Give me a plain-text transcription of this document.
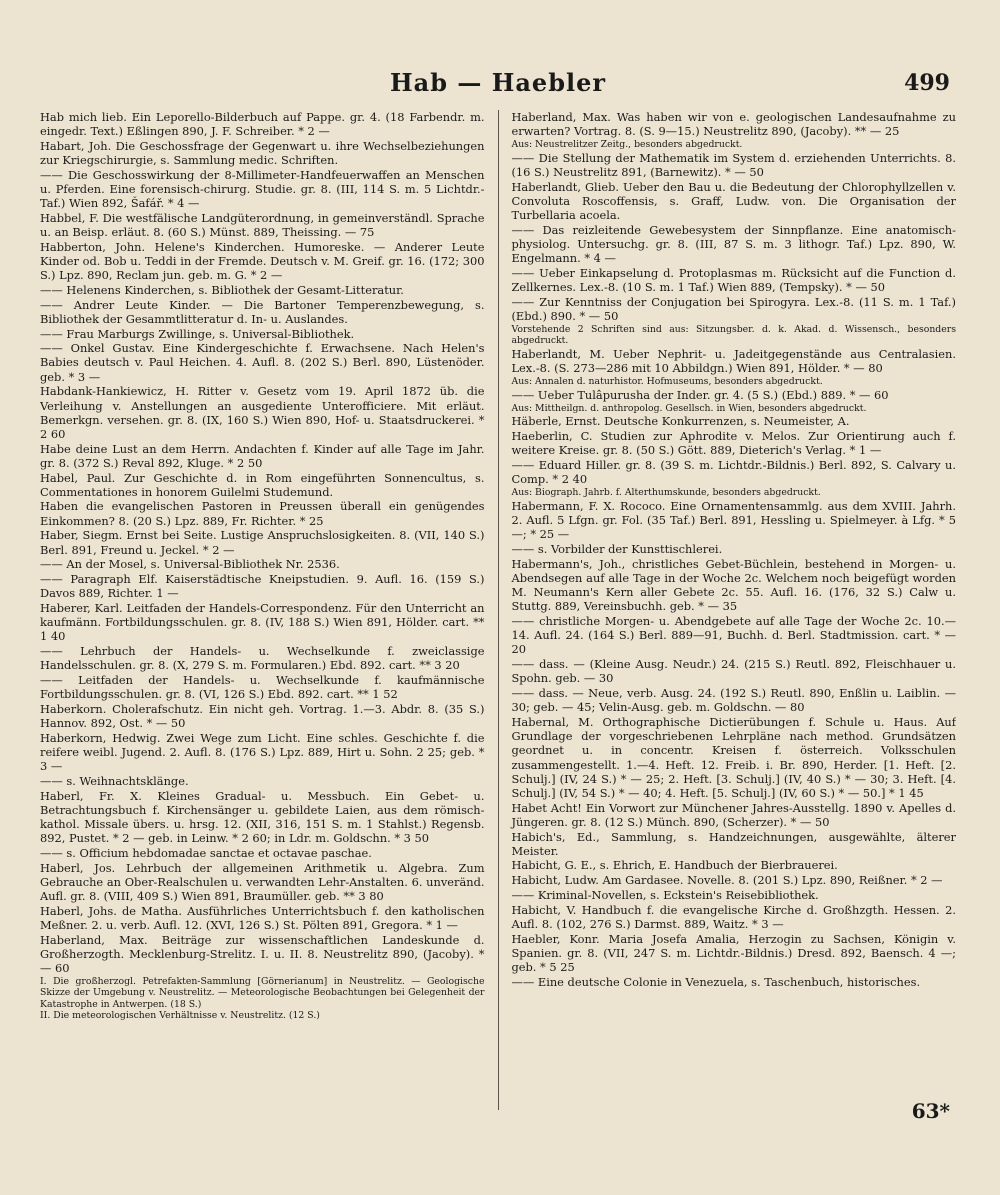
Hab — Haebler	499

Hab mich lieb. Ein Leporello-Bilderbuch auf Pappe. gr. 4. (18 Farbendr. m. eingedr. Text.) Eßlingen 890, J. F. Schreiber. * 2 —

Habart, Joh. Die Geschossfrage der Gegenwart u. ihre Wechselbeziehungen zur Kriegschirurgie, s. Sammlung medic. Schriften.

—— Die Geschosswirkung der 8-Millimeter-Handfeuerwaffen an Menschen u. Pferden. Eine forensisch-chirurg. Studie. gr. 8. (III, 114 S. m. 5 Lichtdr.-Taf.) Wien 892, Šafář. * 4 —

Habbel, F. Die westfälische Landgüterordnung, in gemeinverständl. Sprache u. an Beisp. erläut. 8. (60 S.) Münst. 889, Theissing. — 75

Habberton, John. Helene's Kinderchen. Humoreske. — Anderer Leute Kinder od. Bob u. Teddi in der Fremde. Deutsch v. M. Greif. gr. 16. (172; 300 S.) Lpz. 890, Reclam jun. geb. m. G. * 2 —

—— Helenens Kinderchen, s. Bibliothek der Gesamt-Litteratur.

—— Andrer Leute Kinder. — Die Bartoner Temperenzbewegung, s. Bibliothek der Gesammtlitteratur d. In- u. Auslandes.

—— Frau Marburgs Zwillinge, s. Universal-Bibliothek.

—— Onkel Gustav. Eine Kindergeschichte f. Erwachsene. Nach Helen's Babies deutsch v. Paul Heichen. 4. Aufl. 8. (202 S.) Berl. 890, Lüstenöder. geb. * 3 —

Habdank-Hankiewicz, H. Ritter v. Gesetz vom 19. April 1872 üb. die Verleihung v. Anstellungen an ausgediente Unterofficiere. Mit erläut. Bemerkgn. versehen. gr. 8. (IX, 160 S.) Wien 890, Hof- u. Staatsdruckerei. * 2 60

Habe deine Lust an dem Herrn. Andachten f. Kinder auf alle Tage im Jahr. gr. 8. (372 S.) Reval 892, Kluge. * 2 50

Habel, Paul. Zur Geschichte d. in Rom eingeführten Sonnencultus, s. Commentationes in honorem Guilelmi Studemund.

Haben die evangelischen Pastoren in Preussen überall ein genügendes Einkommen? 8. (20 S.) Lpz. 889, Fr. Richter. * 25

Haber, Siegm. Ernst bei Seite. Lustige Anspruchslosigkeiten. 8. (VII, 140 S.) Berl. 891, Freund u. Jeckel. * 2 —

—— An der Mosel, s. Universal-Bibliothek Nr. 2536.

—— Paragraph Elf. Kaiserstädtische Kneipstudien. 9. Aufl. 16. (159 S.) Davos 889, Richter. 1 —

Haberer, Karl. Leitfaden der Handels-Correspondenz. Für den Unterricht an kaufmänn. Fortbildungsschulen. gr. 8. (IV, 188 S.) Wien 891, Hölder. cart. ** 1 40

—— Lehrbuch der Handels- u. Wechselkunde f. zweiclassige Handelsschulen. gr. 8. (X, 279 S. m. Formularen.) Ebd. 892. cart. ** 3 20

—— Leitfaden der Handels- u. Wechselkunde f. kaufmännische Fortbildungsschulen. gr. 8. (VI, 126 S.) Ebd. 892. cart. ** 1 52

Haberkorn. Cholerafschutz. Ein nicht geh. Vortrag. 1.—3. Abdr. 8. (35 S.) Hannov. 892, Ost. * — 50

Haberkorn, Hedwig. Zwei Wege zum Licht. Eine schles. Geschichte f. die reifere weibl. Jugend. 2. Aufl. 8. (176 S.) Lpz. 889, Hirt u. Sohn. 2 25; geb. * 3 —

—— s. Weihnachtsklänge.

Haberl, Fr. X. Kleines Gradual- u. Messbuch. Ein Gebet- u. Betrachtungsbuch f. Kirchensänger u. gebildete Laien, aus dem römisch-kathol. Missale übers. u. hrsg. 12. (XII, 316, 151 S. m. 1 Stahlst.) Regensb. 892, Pustet. * 2 — geb. in Leinw. * 2 60; in Ldr. m. Goldschn. * 3 50

—— s. Officium hebdomadae sanctae et octavae paschae.

Haberl, Jos. Lehrbuch der allgemeinen Arithmetik u. Algebra. Zum Gebrauche an Ober-Realschulen u. verwandten Lehr-Anstalten. 6. unveränd. Aufl. gr. 8. (VIII, 409 S.) Wien 891, Braumüller. geb. ** 3 80

Haberl, Johs. de Matha. Ausführliches Unterrichtsbuch f. den katholischen Meßner. 2. u. verb. Aufl. 12. (XVI, 126 S.) St. Pölten 891, Gregora. * 1 —

Haberland, Max. Beiträge zur wissenschaftlichen Landeskunde d. Großherzogth. Mecklenburg-Strelitz. I. u. II. 8. Neustrelitz 890, (Jacoby). * — 60

I. Die großherzogl. Petrefakten-Sammlung [Görnerianum] in Neustrelitz. — Geologische Skizze der Umgebung v. Neustrelitz. — Meteorologische Beobachtungen bei Gelegenheit der Katastrophe in Antwerpen. (18 S.)

II. Die meteorologischen Verhältnisse v. Neustrelitz. (12 S.)

Haberland, Max. Was haben wir von e. geologischen Landesaufnahme zu erwarten? Vortrag. 8. (S. 9—15.) Neustrelitz 890, (Jacoby). ** — 25

Aus: Neustrelitzer Zeitg., besonders abgedruckt.

—— Die Stellung der Mathematik im System d. erziehenden Unterrichts. 8. (16 S.) Neustrelitz 891, (Barnewitz). * — 50

Haberlandt, Glieb. Ueber den Bau u. die Bedeutung der Chlorophyllzellen v. Convoluta Roscoffensis, s. Graff, Ludw. von. Die Organisation der Turbellaria acoela.

—— Das reizleitende Gewebesystem der Sinnpflanze. Eine anatomisch-physiolog. Untersuchg. gr. 8. (III, 87 S. m. 3 lithogr. Taf.) Lpz. 890, W. Engelmann. * 4 —

—— Ueber Einkapselung d. Protoplasmas m. Rücksicht auf die Function d. Zellkernes. Lex.-8. (10 S. m. 1 Taf.) Wien 889, (Tempsky). * — 50

—— Zur Kenntniss der Conjugation bei Spirogyra. Lex.-8. (11 S. m. 1 Taf.) (Ebd.) 890. * — 50

Vorstehende 2 Schriften sind aus: Sitzungsber. d. k. Akad. d. Wissensch., besonders abgedruckt.

Haberlandt, M. Ueber Nephrit- u. Jadeitgegenstände aus Centralasien. Lex.-8. (S. 273—286 mit 10 Abbildgn.) Wien 891, Hölder. * — 80

Aus: Annalen d. naturhistor. Hofmuseums, besonders abgedruckt.

—— Ueber Tulâpurusha der Inder. gr. 4. (5 S.) (Ebd.) 889. * — 60

Aus: Mittheilgn. d. anthropolog. Gesellsch. in Wien, besonders abgedruckt.

Häberle, Ernst. Deutsche Konkurrenzen, s. Neumeister, A.

Haeberlin, C. Studien zur Aphrodite v. Melos. Zur Orientirung auch f. weitere Kreise. gr. 8. (50 S.) Gött. 889, Dieterich's Verlag. * 1 —

—— Eduard Hiller. gr. 8. (39 S. m. Lichtdr.-Bildnis.) Berl. 892, S. Calvary u. Comp. * 2 40

Aus: Biograph. Jahrb. f. Alterthumskunde, besonders abgedruckt.

Habermann, F. X. Rococo. Eine Ornamentensammlg. aus dem XVIII. Jahrh. 2. Aufl. 5 Lfgn. gr. Fol. (35 Taf.) Berl. 891, Hessling u. Spielmeyer. à Lfg. * 5 —; * 25 —

—— s. Vorbilder der Kunsttischlerei.

Habermann's, Joh., christliches Gebet-Büchlein, bestehend in Morgen- u. Abendsegen auf alle Tage in der Woche 2c. Welchem noch beigefügt worden M. Neumann's Kern aller Gebete 2c. 55. Aufl. 16. (176, 32 S.) Calw u. Stuttg. 889, Vereinsbuchh. geb. * — 35

—— christliche Morgen- u. Abendgebete auf alle Tage der Woche 2c. 10.—14. Aufl. 24. (164 S.) Berl. 889—91, Buchh. d. Berl. Stadtmission. cart. * — 20

—— dass. — (Kleine Ausg. Neudr.) 24. (215 S.) Reutl. 892, Fleischhauer u. Spohn. geb. — 30

—— dass. — Neue, verb. Ausg. 24. (192 S.) Reutl. 890, Enßlin u. Laiblin. — 30; geb. — 45; Velin-Ausg. geb. m. Goldschn. — 80

Habernal, M. Orthographische Dictierübungen f. Schule u. Haus. Auf Grundlage der vorgeschriebenen Lehrpläne nach method. Grundsätzen geordnet u. in concentr. Kreisen f. österreich. Volksschulen zusammengestellt. 1.—4. Heft. 12. Freib. i. Br. 890, Herder. [1. Heft. [2. Schulj.] (IV, 24 S.) * — 25; 2. Heft. [3. Schulj.] (IV, 40 S.) * — 30; 3. Heft. [4. Schulj.] (IV, 54 S.) * — 40; 4. Heft. [5. Schulj.] (IV, 60 S.) * — 50.] * 1 45

Habet Acht! Ein Vorwort zur Münchener Jahres-Ausstellg. 1890 v. Apelles d. Jüngeren. gr. 8. (12 S.) Münch. 890, (Scherzer). * — 50

Habich's, Ed., Sammlung, s. Handzeichnungen, ausgewählte, älterer Meister.

Habicht, G. E., s. Ehrich, E. Handbuch der Bierbrauerei.

Habicht, Ludw. Am Gardasee. Novelle. 8. (201 S.) Lpz. 890, Reißner. * 2 —

—— Kriminal-Novellen, s. Eckstein's Reisebibliothek.

Habicht, V. Handbuch f. die evangelische Kirche d. Großhzgth. Hessen. 2. Aufl. 8. (102, 276 S.) Darmst. 889, Waitz. * 3 —

Haebler, Konr. Maria Josefa Amalia, Herzogin zu Sachsen, Königin v. Spanien. gr. 8. (VII, 247 S. m. Lichtdr.-Bildnis.) Dresd. 892, Baensch. 4 —; geb. * 5 25

—— Eine deutsche Colonie in Venezuela, s. Taschenbuch, historisches.

63*
